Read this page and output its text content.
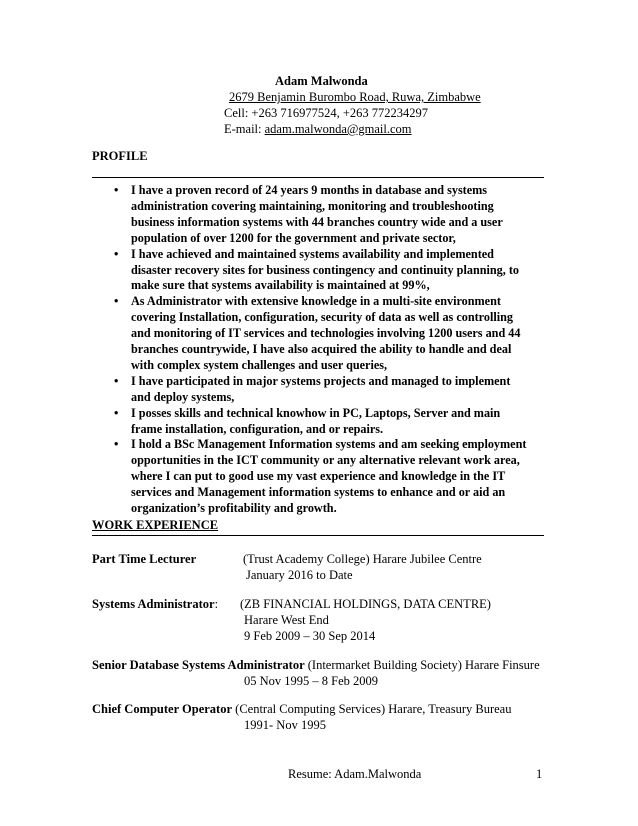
Adam Malwonda
2679 Benjamin Burombo Road, Ruwa, Zimbabwe
Cell: +263 716977524, +263 772234297
E-mail: adam.malwonda@gmail.com
PROFILE
• I have a proven record of 24 years 9 months in database and systems
administration covering maintaining, monitoring and troubleshooting
business information systems with 44 branches country wide and a user
population of over 1200 for the government and private sector,
• I have achieved and maintained systems availability and implemented
disaster recovery sites for business contingency and continuity planning, to
make sure that systems availability is maintained at 99%,
• As Administrator with extensive knowledge in a multi-site environment
covering Installation, configuration, security of data as well as controlling
and monitoring of IT services and technologies involving 1200 users and 44
branches countrywide, I have also acquired the ability to handle and deal
with complex system challenges and user queries,
• I have participated in major systems projects and managed to implement
and deploy systems,
• I posses skills and technical knowhow in PC, Laptops, Server and main
frame installation, configuration, and or repairs.
• I hold a BSc Management Information systems and am seeking employment
opportunities in the ICT community or any alternative relevant work area,
where I can put to good use my vast experience and knowledge in the IT
services and Management information systems to enhance and or aid an
organization’s profitability and growth.
WORK EXPERIENCE
Part Time Lecturer	(Trust Academy College) Harare Jubilee Centre
January 2016 to Date
Systems Administrator: (ZB FINANCIAL HOLDINGS, DATA CENTRE)
Harare West End
9 Feb 2009 – 30 Sep 2014
Senior Database Systems Administrator (Intermarket Building Society) Harare Finsure
05 Nov 1995 – 8 Feb 2009
Chief Computer Operator (Central Computing Services) Harare, Treasury Bureau
1991- Nov 1995
Resume: Adam.Malwonda	1
